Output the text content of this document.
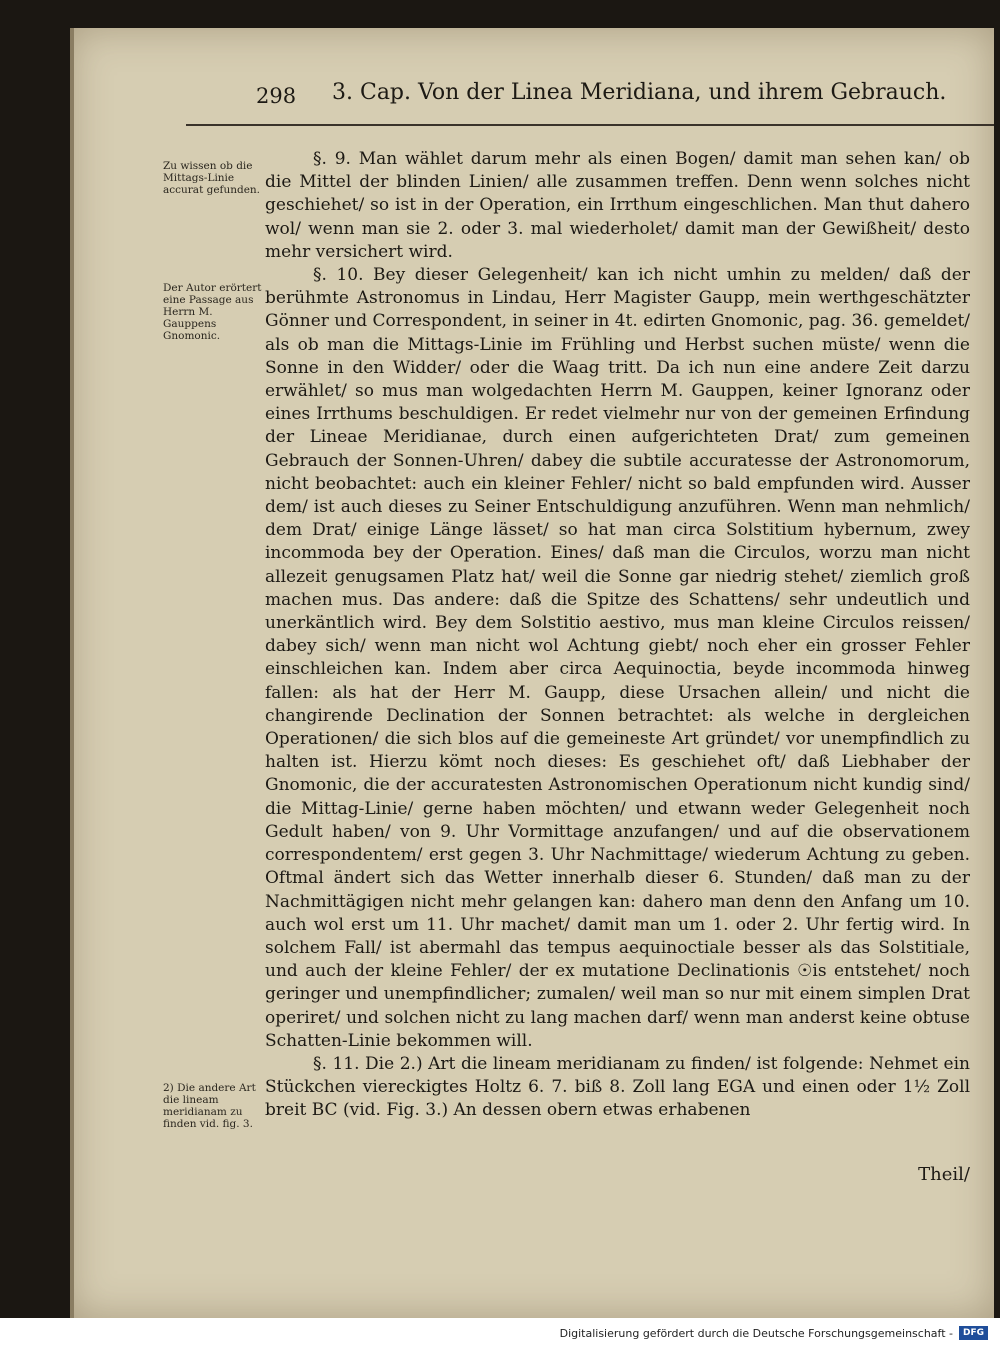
298 3. Cap. Von der Linea Meridiana, und ihrem Gebrauch.
Zu wissen ob die Mittags-Linie accurat gefunden.
Der Autor erörtert eine Passage aus Herrn M. Gauppens Gnomonic.
2) Die andere Art die lineam meridianam zu finden vid. fig. 3.

§. 9. Man wählet darum mehr als einen Bogen/ damit man sehen kan/ ob die Mittel der blinden Linien/ alle zusammen treffen. Denn wenn solches nicht geschiehet/ so ist in der Operation, ein Irrthum eingeschlichen. Man thut dahero wol/ wenn man sie 2. oder 3. mal wiederholet/ damit man der Gewißheit/ desto mehr versichert wird.

§. 10. Bey dieser Gelegenheit/ kan ich nicht umhin zu melden/ daß der berühmte Astronomus in Lindau, Herr Magister Gaupp, mein werthgeschätzter Gönner und Correspondent, in seiner in 4t. edirten Gnomonic, pag. 36. gemeldet/ als ob man die Mittags-Linie im Frühling und Herbst suchen müste/ wenn die Sonne in den Widder/ oder die Waag tritt. Da ich nun eine andere Zeit darzu erwählet/ so mus man wolgedachten Herrn M. Gauppen, keiner Ignoranz oder eines Irrthums beschuldigen. Er redet vielmehr nur von der gemeinen Erfindung der Lineae Meridianae, durch einen aufgerichteten Drat/ zum gemeinen Gebrauch der Sonnen-Uhren/ dabey die subtile accuratesse der Astronomorum, nicht beobachtet: auch ein kleiner Fehler/ nicht so bald empfunden wird. Ausser dem/ ist auch dieses zu Seiner Entschuldigung anzuführen. Wenn man nehmlich/ dem Drat/ einige Länge lässet/ so hat man circa Solstitium hybernum, zwey incommoda bey der Operation. Eines/ daß man die Circulos, worzu man nicht allezeit genugsamen Platz hat/ weil die Sonne gar niedrig stehet/ ziemlich groß machen mus. Das andere: daß die Spitze des Schattens/ sehr undeutlich und unerkäntlich wird. Bey dem Solstitio aestivo, mus man kleine Circulos reissen/ dabey sich/ wenn man nicht wol Achtung giebt/ noch eher ein grosser Fehler einschleichen kan. Indem aber circa Aequinoctia, beyde incommoda hinweg fallen: als hat der Herr M. Gaupp, diese Ursachen allein/ und nicht die changirende Declination der Sonnen betrachtet: als welche in dergleichen Operationen/ die sich blos auf die gemeineste Art gründet/ vor unempfindlich zu halten ist. Hierzu kömt noch dieses: Es geschiehet oft/ daß Liebhaber der Gnomonic, die der accuratesten Astronomischen Operationum nicht kundig sind/ die Mittag-Linie/ gerne haben möchten/ und etwann weder Gelegenheit noch Gedult haben/ von 9. Uhr Vormittage anzufangen/ und auf die observationem correspondentem/ erst gegen 3. Uhr Nachmittage/ wiederum Achtung zu geben. Oftmal ändert sich das Wetter innerhalb dieser 6. Stunden/ daß man zu der Nachmittägigen nicht mehr gelangen kan: dahero man denn den Anfang um 10. auch wol erst um 11. Uhr machet/ damit man um 1. oder 2. Uhr fertig wird. In solchem Fall/ ist abermahl das tempus aequinoctiale besser als das Solstitiale, und auch der kleine Fehler/ der ex mutatione Declinationis ☉is entstehet/ noch geringer und unempfindlicher; zumalen/ weil man so nur mit einem simplen Drat operiret/ und solchen nicht zu lang machen darf/ wenn man anderst keine obtuse Schatten-Linie bekommen will.

§. 11. Die 2.) Art die lineam meridianam zu finden/ ist folgende: Nehmet ein Stückchen viereckigtes Holtz 6. 7. biß 8. Zoll lang EGA und einen oder 1½ Zoll breit BC (vid. Fig. 3.) An dessen obern etwas erhabenen

Theil/
Digitalisierung gefördert durch die Deutsche Forschungsgemeinschaft -	DFG
